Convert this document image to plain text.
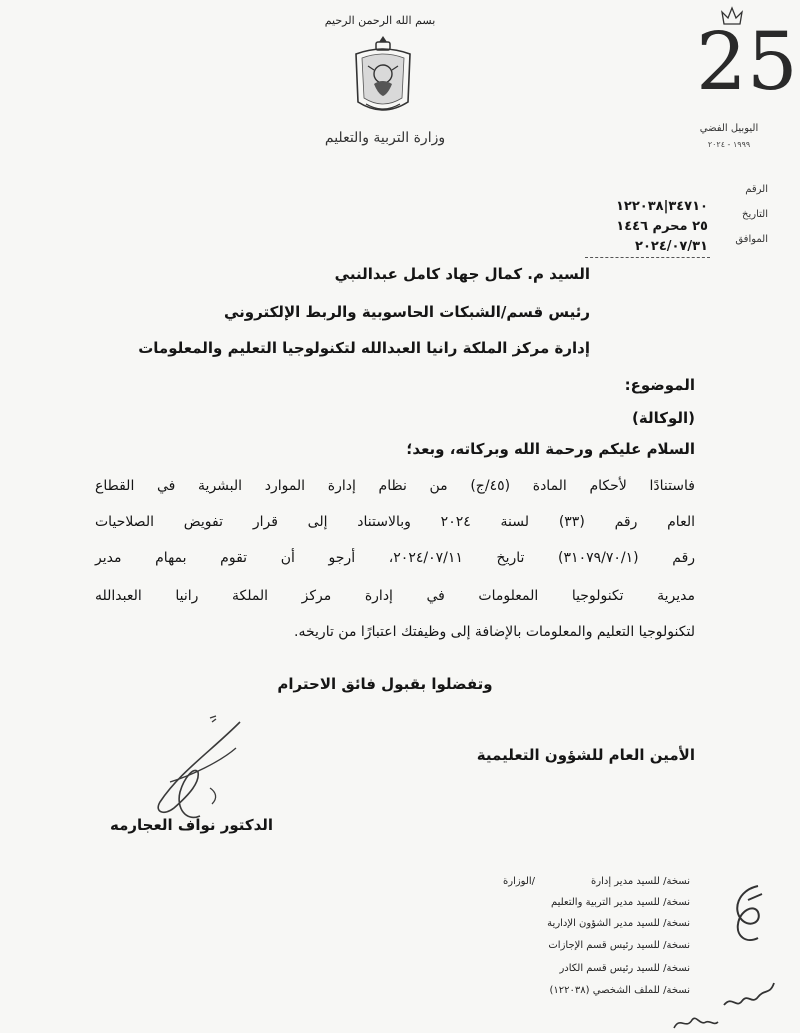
بسم الله الرحمن الرحيم
وزارة التربية والتعليم
25
اليوبيل الفضي
١٩٩٩ - ٢٠٢٤
الرقم
٣٤٧١٠|١٢٢٠٣٨
التاريخ
٢٥ محرم ١٤٤٦
الموافق
٢٠٢٤/٠٧/٣١
السيد م. كمال جهاد كامل عبدالنبي
رئيس قسم/الشبكات الحاسوبية والربط الإلكتروني
إدارة مركز الملكة رانيا العبدالله لتكنولوجيا التعليم والمعلومات
الموضوع:
(الوكالة)
السلام عليكم ورحمة الله وبركاته، وبعد؛
فاستنادًا لأحكام المادة (٤٥/ج) من نظام إدارة الموارد البشرية في القطاع
العام رقم (٣٣) لسنة ٢٠٢٤ وبالاستناد إلى قرار تفويض الصلاحيات
رقم (٣١٠٧٩/٧٠/١) تاريخ ٢٠٢٤/٠٧/١١، أرجو أن تقوم بمهام مدير
مديرية تكنولوجيا المعلومات في إدارة مركز الملكة رانيا العبدالله
لتكنولوجيا التعليم والمعلومات بالإضافة إلى وظيفتك اعتبارًا من تاريخه.
وتفضلوا بقبول فائق الاحترام
الأمين العام للشؤون التعليمية
الدكتور نواف العجارمه
/الوزارة	نسخة/ للسيد مدير إدارة
نسخة/ للسيد مدير التربية والتعليم
نسخة/ للسيد مدير الشؤون الإدارية
نسخة/ للسيد رئيس قسم الإجازات
نسخة/ للسيد رئيس قسم الكادر
نسخة/ للملف الشخصي (١٢٢٠٣٨)
